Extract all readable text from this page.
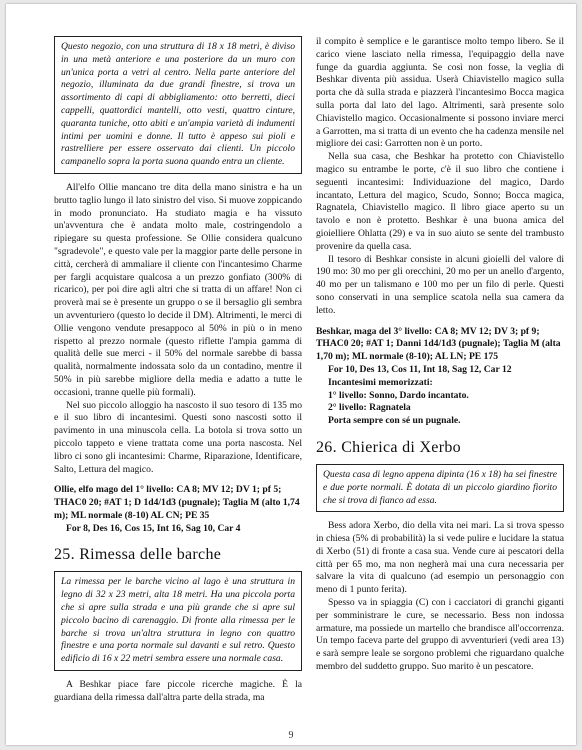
Questo negozio, con una struttura di 18 x 18 metri, è diviso in una metà anteriore e una posteriore da un muro con un'unica porta a vetri al centro. Nella parte anteriore del negozio, illuminata da due grandi finestre, si trova un assortimento di capi di abbigliamento: otto berretti, dieci cappelli, quattordici mantelli, otto vesti, quattro cinture, quaranta tuniche, otto abiti e un'ampia varietà di indumenti intimi per uomini e donne. Il tutto è appeso sui pioli e rastrelliere per essere osservato dai clienti. Un piccolo campanello sopra la porta suona quando entra un cliente.

All'elfo Ollie mancano tre dita della mano sinistra e ha un brutto taglio lungo il lato sinistro del viso. Si muove zoppicando in modo pronunciato. Ha studiato magia e ha vissuto un'avventura che è andata molto male, costringendolo a ripiegare su questa professione. Se Ollie considera qualcuno "sgradevole", e questo vale per la maggior parte delle persone in città, cercherà di ammaliare il cliente con l'incantesimo Charme per fargli acquistare qualcosa a un prezzo gonfiato (300% di ricarico), per poi dire agli altri che si tratta di un affare! Non ci proverà mai se è presente un gruppo o se il bersaglio gli sembra un avventuriero (questo lo decide il DM). Altrimenti, le merci di Ollie vengono vendute presappoco al 50% in più o in meno rispetto al prezzo normale (questo riflette l'ampia gamma di qualità delle sue merci - il 50% del normale sarebbe di bassa qualità, normalmente indossata solo da un contadino, mentre il 50% in più sarebbe migliore della media e adatto a tutte le occasioni, tranne quelle più formali).

Nel suo piccolo alloggio ha nascosto il suo tesoro di 135 mo e il suo libro di incantesimi. Questi sono nascosti sotto il pavimento in una minuscola cella. La botola si trova sotto un piccolo tappeto e viene trattata come una porta nascosta. Nel libro ci sono gli incantesimi: Charme, Riparazione, Identificare, Salto, Lettura del magico.

Ollie, elfo mago del 1° livello: CA 8; MV 12; DV 1; pf 5; THAC0 20; #AT 1; D 1d4/1d3 (pugnale); Taglia M (alto 1,74 m); ML normale (8-10) AL CN; PE 35
For 8, Des 16, Cos 15, Int 16, Sag 10, Car 4
25. Rimessa delle barche
La rimessa per le barche vicino al lago è una struttura in legno di 32 x 23 metri, alta 18 metri. Ha una piccola porta che si apre sulla strada e una più grande che si apre sul piccolo bacino di carenaggio. Di fronte alla rimessa per le barche si trova un'altra struttura in legno con quattro finestre e una porta normale sul davanti e sul retro. Questo edificio di 16 x 22 metri sembra essere una normale casa.

A Beshkar piace fare piccole ricerche magiche. È la guardiana della rimessa dall'altra parte della strada, ma

il compito è semplice e le garantisce molto tempo libero. Se il carico viene lasciato nella rimessa, l'equipaggio della nave funge da guardia aggiunta. Se così non fosse, la veglia di Beshkar diventa più assidua. Userà Chiavistello magico sulla porta che dà sulla strada e piazzerà l'incantesimo Bocca magica sulla porta dal lato del lago. Altrimenti, sarà presente solo Chiavistello magico. Occasionalmente si possono inviare merci a Garrotten, ma si tratta di un evento che ha cadenza mensile nel migliore dei casi: Garrotten non è un porto.

Nella sua casa, che Beshkar ha protetto con Chiavistello magico su entrambe le porte, c'è il suo libro che contiene i seguenti incantesimi: Individuazione del magico, Dardo incantato, Lettura del magico, Scudo, Sonno; Bocca magica, Ragnatela, Chiavistello magico. Il libro giace aperto su un tavolo e non è protetto. Beshkar è una buona amica del gioielliere Ohlatta (29) e va in suo aiuto se sente del trambusto provenire da quella casa.

Il tesoro di Beshkar consiste in alcuni gioielli del valore di 190 mo: 30 mo per gli orecchini, 20 mo per un anello d'argento, 40 mo per un talismano e 100 mo per un filo di perle. Questi sono conservati in una semplice scatola nella sua camera da letto.

Beshkar, maga del 3° livello: CA 8; MV 12; DV 3; pf 9; THAC0 20; #AT 1; Danni 1d4/1d3 (pugnale); Taglia M (alta 1,70 m); ML normale (8-10); AL LN; PE 175
For 10, Des 13, Cos 11, Int 18, Sag 12, Car 12
Incantesimi memorizzati:
1° livello: Sonno, Dardo incantato.
2° livello: Ragnatela
Porta sempre con sé un pugnale.
26. Chierica di Xerbo
Questa casa di legno appena dipinta (16 x 18) ha sei finestre e due porte normali. È dotata di un piccolo giardino fiorito che si trova di fianco ad essa.

Bess adora Xerbo, dio della vita nei mari. La si trova spesso in chiesa (5% di probabilità) la si vede pulire e lucidare la statua di Xerbo (51) di fronte a casa sua. Vende cure ai pescatori della città per 65 mo, ma non negherà mai una cura necessaria per salvare la vita di qualcuno (ad esempio un personaggio con meno di 1 punto ferita).

Spesso va in spiaggia (C) con i cacciatori di granchi giganti per somministrare le cure, se necessario. Bess non indossa armature, ma possiede un martello che brandisce all'occorrenza. Un tempo faceva parte del gruppo di avventurieri (vedi area 13) e sarà sempre leale se sorgono problemi che riguardano qualche membro del suddetto gruppo. Suo marito è un pescatore.

9
